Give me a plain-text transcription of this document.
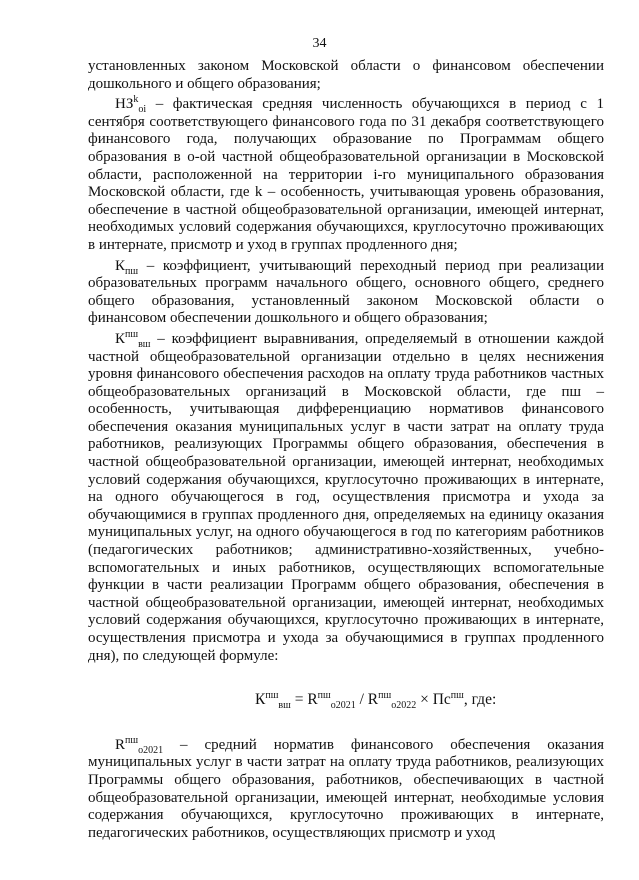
34

установленных законом Московской области о финансовом обеспечении дошкольного и общего образования;

$НЗ^k_{oi}$ – фактическая средняя численность обучающихся в период с 1 сентября соответствующего финансового года по 31 декабря соответствующего финансового года, получающих образование по Программам общего образования в о-ой частной общеобразовательной организации в Московской области, расположенной на территории i-го муниципального образования Московской области, где k – особенность, учитывающая уровень образования, обеспечение в частной общеобразовательной организации, имеющей интернат, необходимых условий содержания обучающихся, круглосуточно проживающих в интернате, присмотр и уход в группах продленного дня;

$К_{пш}$ – коэффициент, учитывающий переходный период при реализации образовательных программ начального общего, основного общего, среднего общего образования, установленный законом Московской области о финансовом обеспечении дошкольного и общего образования;

$К^{пш}_{вш}$ – коэффициент выравнивания, определяемый в отношении каждой частной общеобразовательной организации отдельно в целях неснижения уровня финансового обеспечения расходов на оплату труда работников частных общеобразовательных организаций в Московской области, где пш – особенность, учитывающая дифференциацию нормативов финансового обеспечения оказания муниципальных услуг в части затрат на оплату труда работников, реализующих Программы общего образования, обеспечения в частной общеобразовательной организации, имеющей интернат, необходимых условий содержания обучающихся, круглосуточно проживающих в интернате, на одного обучающегося в год, осуществления присмотра и ухода за обучающимися в группах продленного дня, определяемых на единицу оказания муниципальных услуг, на одного обучающегося в год по категориям работников (педагогических работников; административно-хозяйственных, учебно-вспомогательных и иных работников, осуществляющих вспомогательные функции в части реализации Программ общего образования, обеспечения в частной общеобразовательной организации, имеющей интернат, необходимых условий содержания обучающихся, круглосуточно проживающих в интернате, осуществления присмотра и ухода за обучающимися в группах продленного дня), по следующей формуле:

$К^{пш}_{вш} = R^{пш}_{o2021} / R^{пш}_{o2022} \times Пс^{пш}$, где:

$R^{пш}_{o2021}$ – средний норматив финансового обеспечения оказания муниципальных услуг в части затрат на оплату труда работников, реализующих Программы общего образования, работников, обеспечивающих в частной общеобразовательной организации, имеющей интернат, необходимые условия содержания обучающихся, круглосуточно проживающих в интернате, педагогических работников, осуществляющих присмотр и уход
